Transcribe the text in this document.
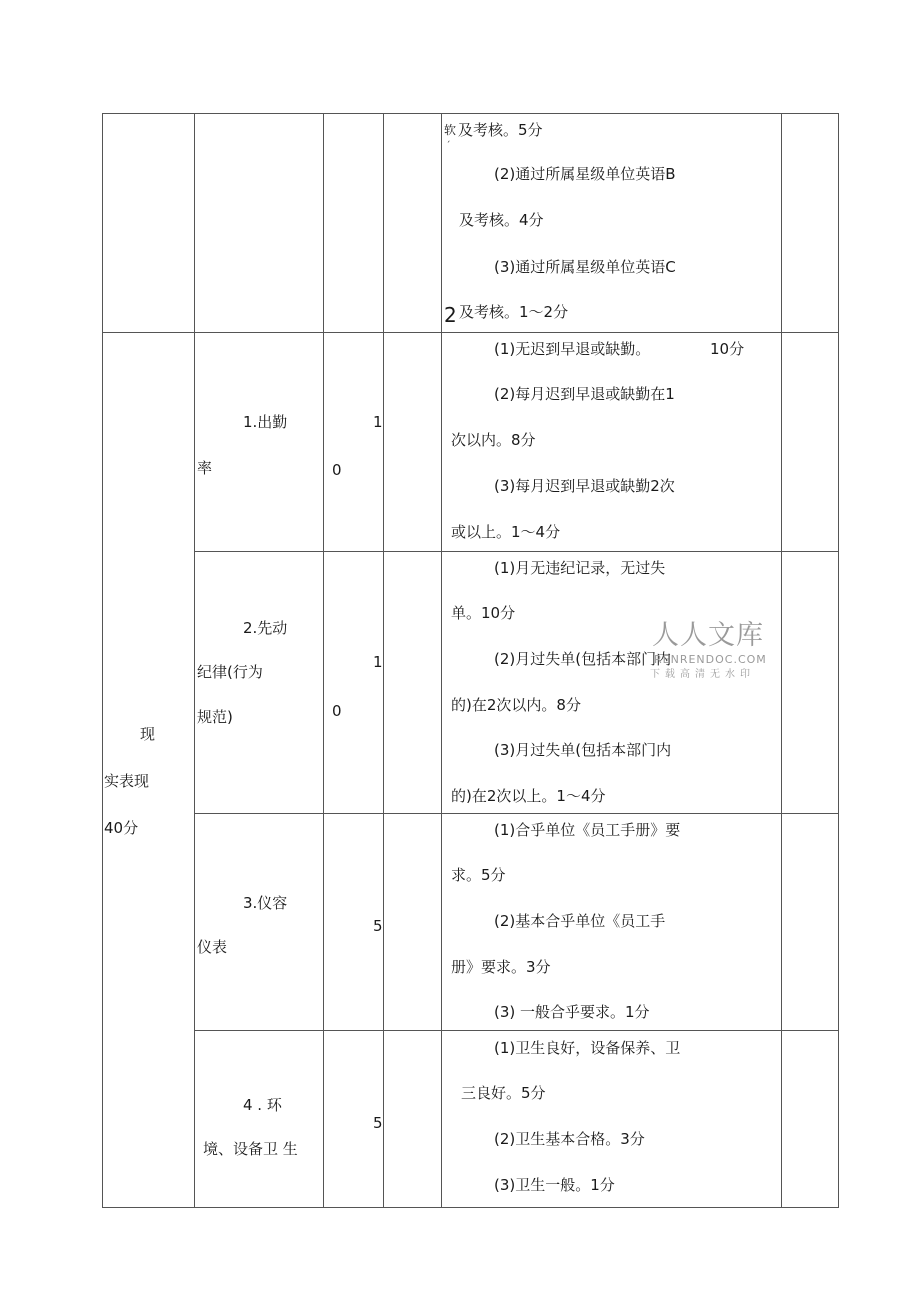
软
´
及考核。5分
(2)通过所属星级单位英语B
及考核。4分
(3)通过所属星级单位英语C
2 及考核。1～2分
现
实表现
40分
1.出勤
率
1
0
(1)无迟到早退或缺勤。	10分
(2)每月迟到早退或缺勤在1
次以内。8分
(3)每月迟到早退或缺勤2次
或以上。1～4分
2.先动
纪律(行为
规范)
1
0
(1)月无违纪记录，无过失
单。10分
(2)月过失单(包括本部门内
的)在2次以内。8分
(3)月过失单(包括本部门内
的)在2次以上。1～4分
3.仪容
仪表
5
(1)合乎单位《员工手册》要
求。5分
(2)基本合乎单位《员工手
册》要求。3分
(3) 一般合乎要求。1分
4 . 环
境、设备卫 生
5
(1)卫生良好，设备保养、卫
三良好。5分
(2)卫生基本合格。3分
(3)卫生一般。1分
人人文库
RENRENDOC.COM
下载高清无水印
